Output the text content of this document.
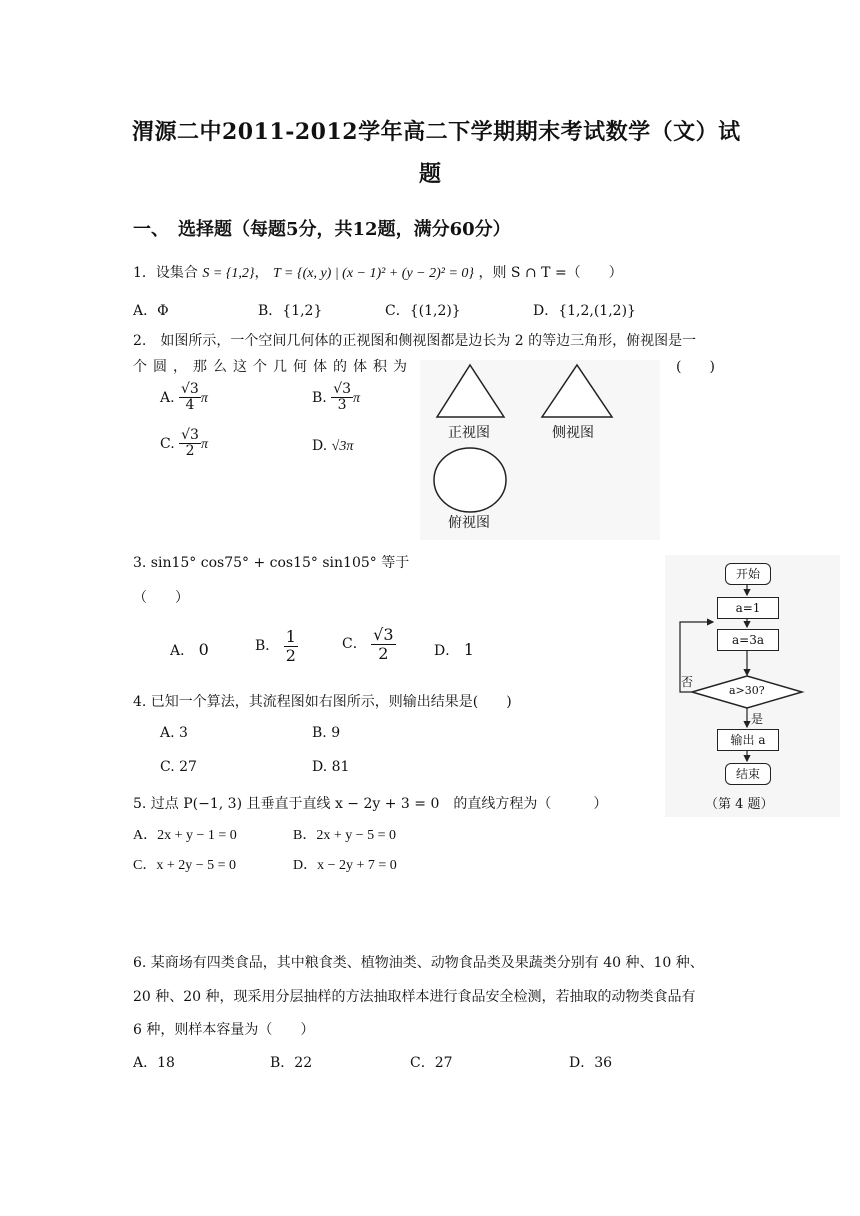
渭源二中2011-2012学年高二下学期期末考试数学（文）试
题
一、　选择题（每题5分，共12题，满分60分）
1．设集合 S = {1,2}， T = {(x, y) | (x − 1)² + (y − 2)² = 0} ，则 S ∩ T =（　　）
A．Φ	B．{1,2}	C．{(1,2)}	D．{1,2,(1,2)}
2.　如图所示，一个空间几何体的正视图和侧视图都是边长为 2 的等边三角形，俯视图是一
个圆，那么这个几何体的体积为	(　　)
A. $\frac{√3}{4}$ π	B. $\frac{√3}{3}$ π
C. $\frac{√3}{2}$ π	D. √3π
正视图	侧视图
俯视图
3. sin15° cos75° + cos15° sin105° 等于
（　　）
A． 0	B． $\frac{1}{2}$	C． $\frac{√3}{2}$	D． 1
4. 已知一个算法，其流程图如右图所示，则输出结果是(　　)
A. 3	B. 9
C. 27	D. 81
开始
a=1
a=3a
a>30?
否
是
输出 a
结束
（第 4 题）
5. 过点 P(−1, 3) 且垂直于直线 x − 2y + 3 = 0　的直线方程为（　　　）
A．2x + y − 1 = 0	B．2x + y − 5 = 0
C．x + 2y − 5 = 0	D．x − 2y + 7 = 0
6. 某商场有四类食品，其中粮食类、植物油类、动物食品类及果蔬类分别有 40 种、10 种、
20 种、20 种，现采用分层抽样的方法抽取样本进行食品安全检测，若抽取的动物类食品有
6 种，则样本容量为（　　）
A．18	B．22	C．27	D．36
